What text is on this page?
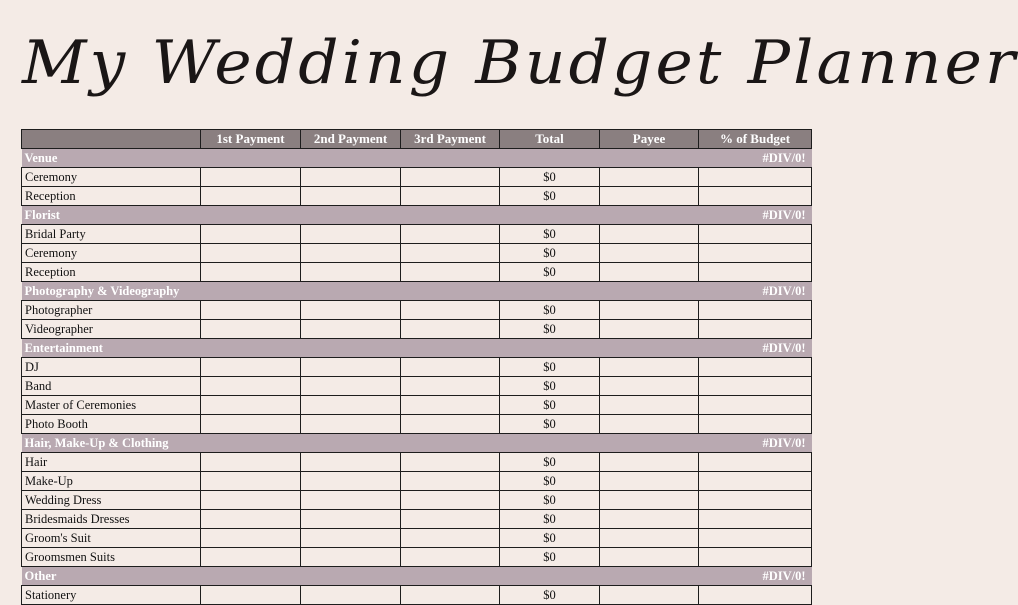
My Wedding Budget Planner
	1st Payment	2nd Payment	3rd Payment	Total	Payee	% of Budget
Venue						#DIV/0!
Ceremony				$0		
Reception				$0		
Florist						#DIV/0!
Bridal Party				$0		
Ceremony				$0		
Reception				$0		
Photography & Videography						#DIV/0!
Photographer				$0		
Videographer				$0		
Entertainment						#DIV/0!
DJ				$0		
Band				$0		
Master of Ceremonies				$0		
Photo Booth				$0		
Hair, Make-Up & Clothing						#DIV/0!
Hair				$0		
Make-Up				$0		
Wedding Dress				$0		
Bridesmaids Dresses				$0		
Groom's Suit				$0		
Groomsmen Suits				$0		
Other						#DIV/0!
Stationery				$0		
